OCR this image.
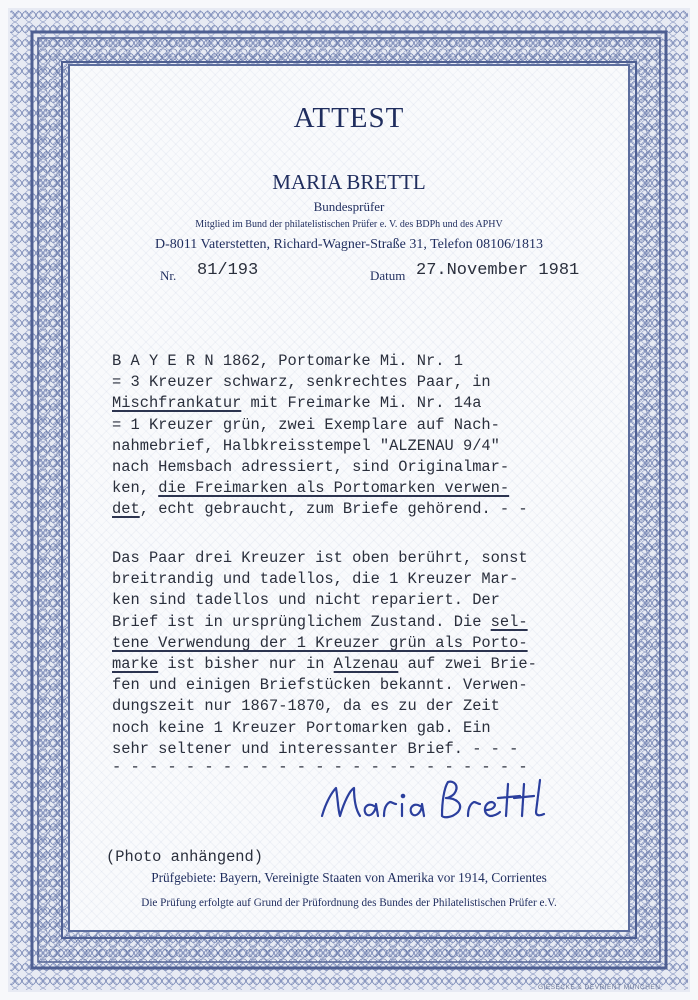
ATTEST
MARIA BRETTL
Bundesprüfer
Mitglied im Bund der philatelistischen Prüfer e. V. des BDPh und des APHV
D-8011 Vaterstetten, Richard-Wagner-Straße 31, Telefon 08106/1813
Nr. 81/193	Datum 27.November 1981
B A Y E R N 1862, Portomarke Mi. Nr. 1
= 3 Kreuzer schwarz, senkrechtes Paar, in
Mischfrankatur mit Freimarke Mi. Nr. 14a
= 1 Kreuzer grün, zwei Exemplare auf Nach-
nahmebrief, Halbkreisstempel "ALZENAU 9/4"
nach Hemsbach adressiert, sind Originalmar-
ken, die Freimarken als Portomarken verwen-
det, echt gebraucht, zum Briefe gehörend. - -
Das Paar drei Kreuzer ist oben berührt, sonst
breitrandig und tadellos, die 1 Kreuzer Mar-
ken sind tadellos und nicht repariert. Der
Brief ist in ursprünglichem Zustand. Die sel-
tene Verwendung der 1 Kreuzer grün als Porto-
marke ist bisher nur in Alzenau auf zwei Brie-
fen und einigen Briefstücken bekannt. Verwen-
dungszeit nur 1867-1870, da es zu der Zeit
noch keine 1 Kreuzer Portomarken gab. Ein
sehr seltener und interessanter Brief. - - -
- - - - - - - - - - - - - - - - - - - - - - -
(Photo anhängend)
Prüfgebiete: Bayern, Vereinigte Staaten von Amerika vor 1914, Corrientes
Die Prüfung erfolgte auf Grund der Prüfordnung des Bundes der Philatelistischen Prüfer e.V.
GIESECKE & DEVRIENT MÜNCHEN
